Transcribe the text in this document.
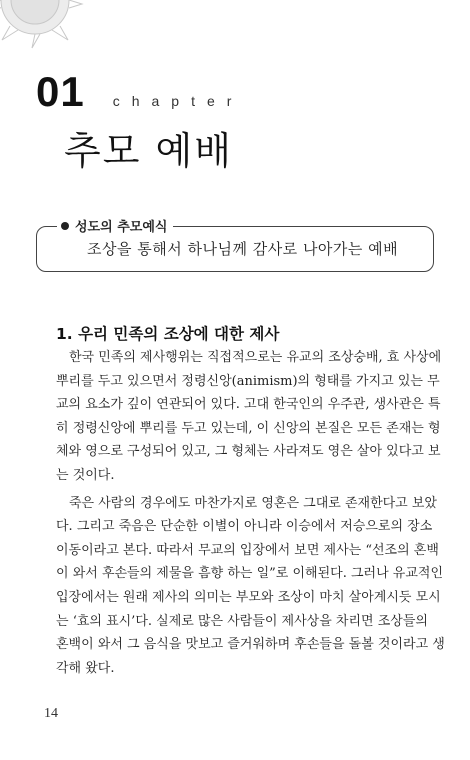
01 chapter
추모 예배
성도의 추모예식
조상을 통해서 하나님께 감사로 나아가는 예배
1. 우리 민족의 조상에 대한 제사
한국 민족의 제사행위는 직접적으로는 유교의 조상숭배, 효 사상에
뿌리를 두고 있으면서 정령신앙(animism)의 형태를 가지고 있는 무
교의 요소가 깊이 연관되어 있다. 고대 한국인의 우주관, 생사관은 특
히 정령신앙에 뿌리를 두고 있는데, 이 신앙의 본질은 모든 존재는 형
체와 영으로 구성되어 있고, 그 형체는 사라져도 영은 살아 있다고 보
는 것이다.
죽은 사람의 경우에도 마찬가지로 영혼은 그대로 존재한다고 보았
다. 그리고 죽음은 단순한 이별이 아니라 이승에서 저승으로의 장소
이동이라고 본다. 따라서 무교의 입장에서 보면 제사는 “선조의 혼백
이 와서 후손들의 제물을 흠향 하는 일”로 이해된다. 그러나 유교적인
입장에서는 원래 제사의 의미는 부모와 조상이 마치 살아계시듯 모시
는 ‘효의 표시’다. 실제로 많은 사람들이 제사상을 차리면 조상들의
혼백이 와서 그 음식을 맛보고 즐거워하며 후손들을 돌볼 것이라고 생
각해 왔다.
14
